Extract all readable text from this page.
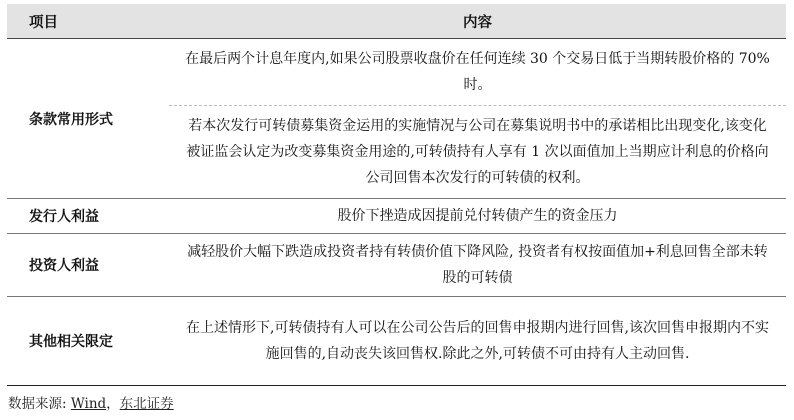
项目	内容
条款常用形式	在最后两个计息年度内,如果公司股票收盘价在任何连续 30 个交易日低于当期转股价格的 70%时。
	若本次发行可转债募集资金运用的实施情况与公司在募集说明书中的承诺相比出现变化,该变化被证监会认定为改变募集资金用途的,可转债持有人享有 1 次以面值加上当期应计利息的价格向公司回售本次发行的可转债的权利。
发行人利益	股价下挫造成因提前兑付转债产生的资金压力
投资人利益	减轻股价大幅下跌造成投资者持有转债价值下降风险, 投资者有权按面值加+利息回售全部未转股的可转债
其他相关限定	在上述情形下,可转债持有人可以在公司公告后的回售申报期内进行回售,该次回售申报期内不实施回售的,自动丧失该回售权.除此之外,可转债不可由持有人主动回售.
数据来源: Wind，东北证券
